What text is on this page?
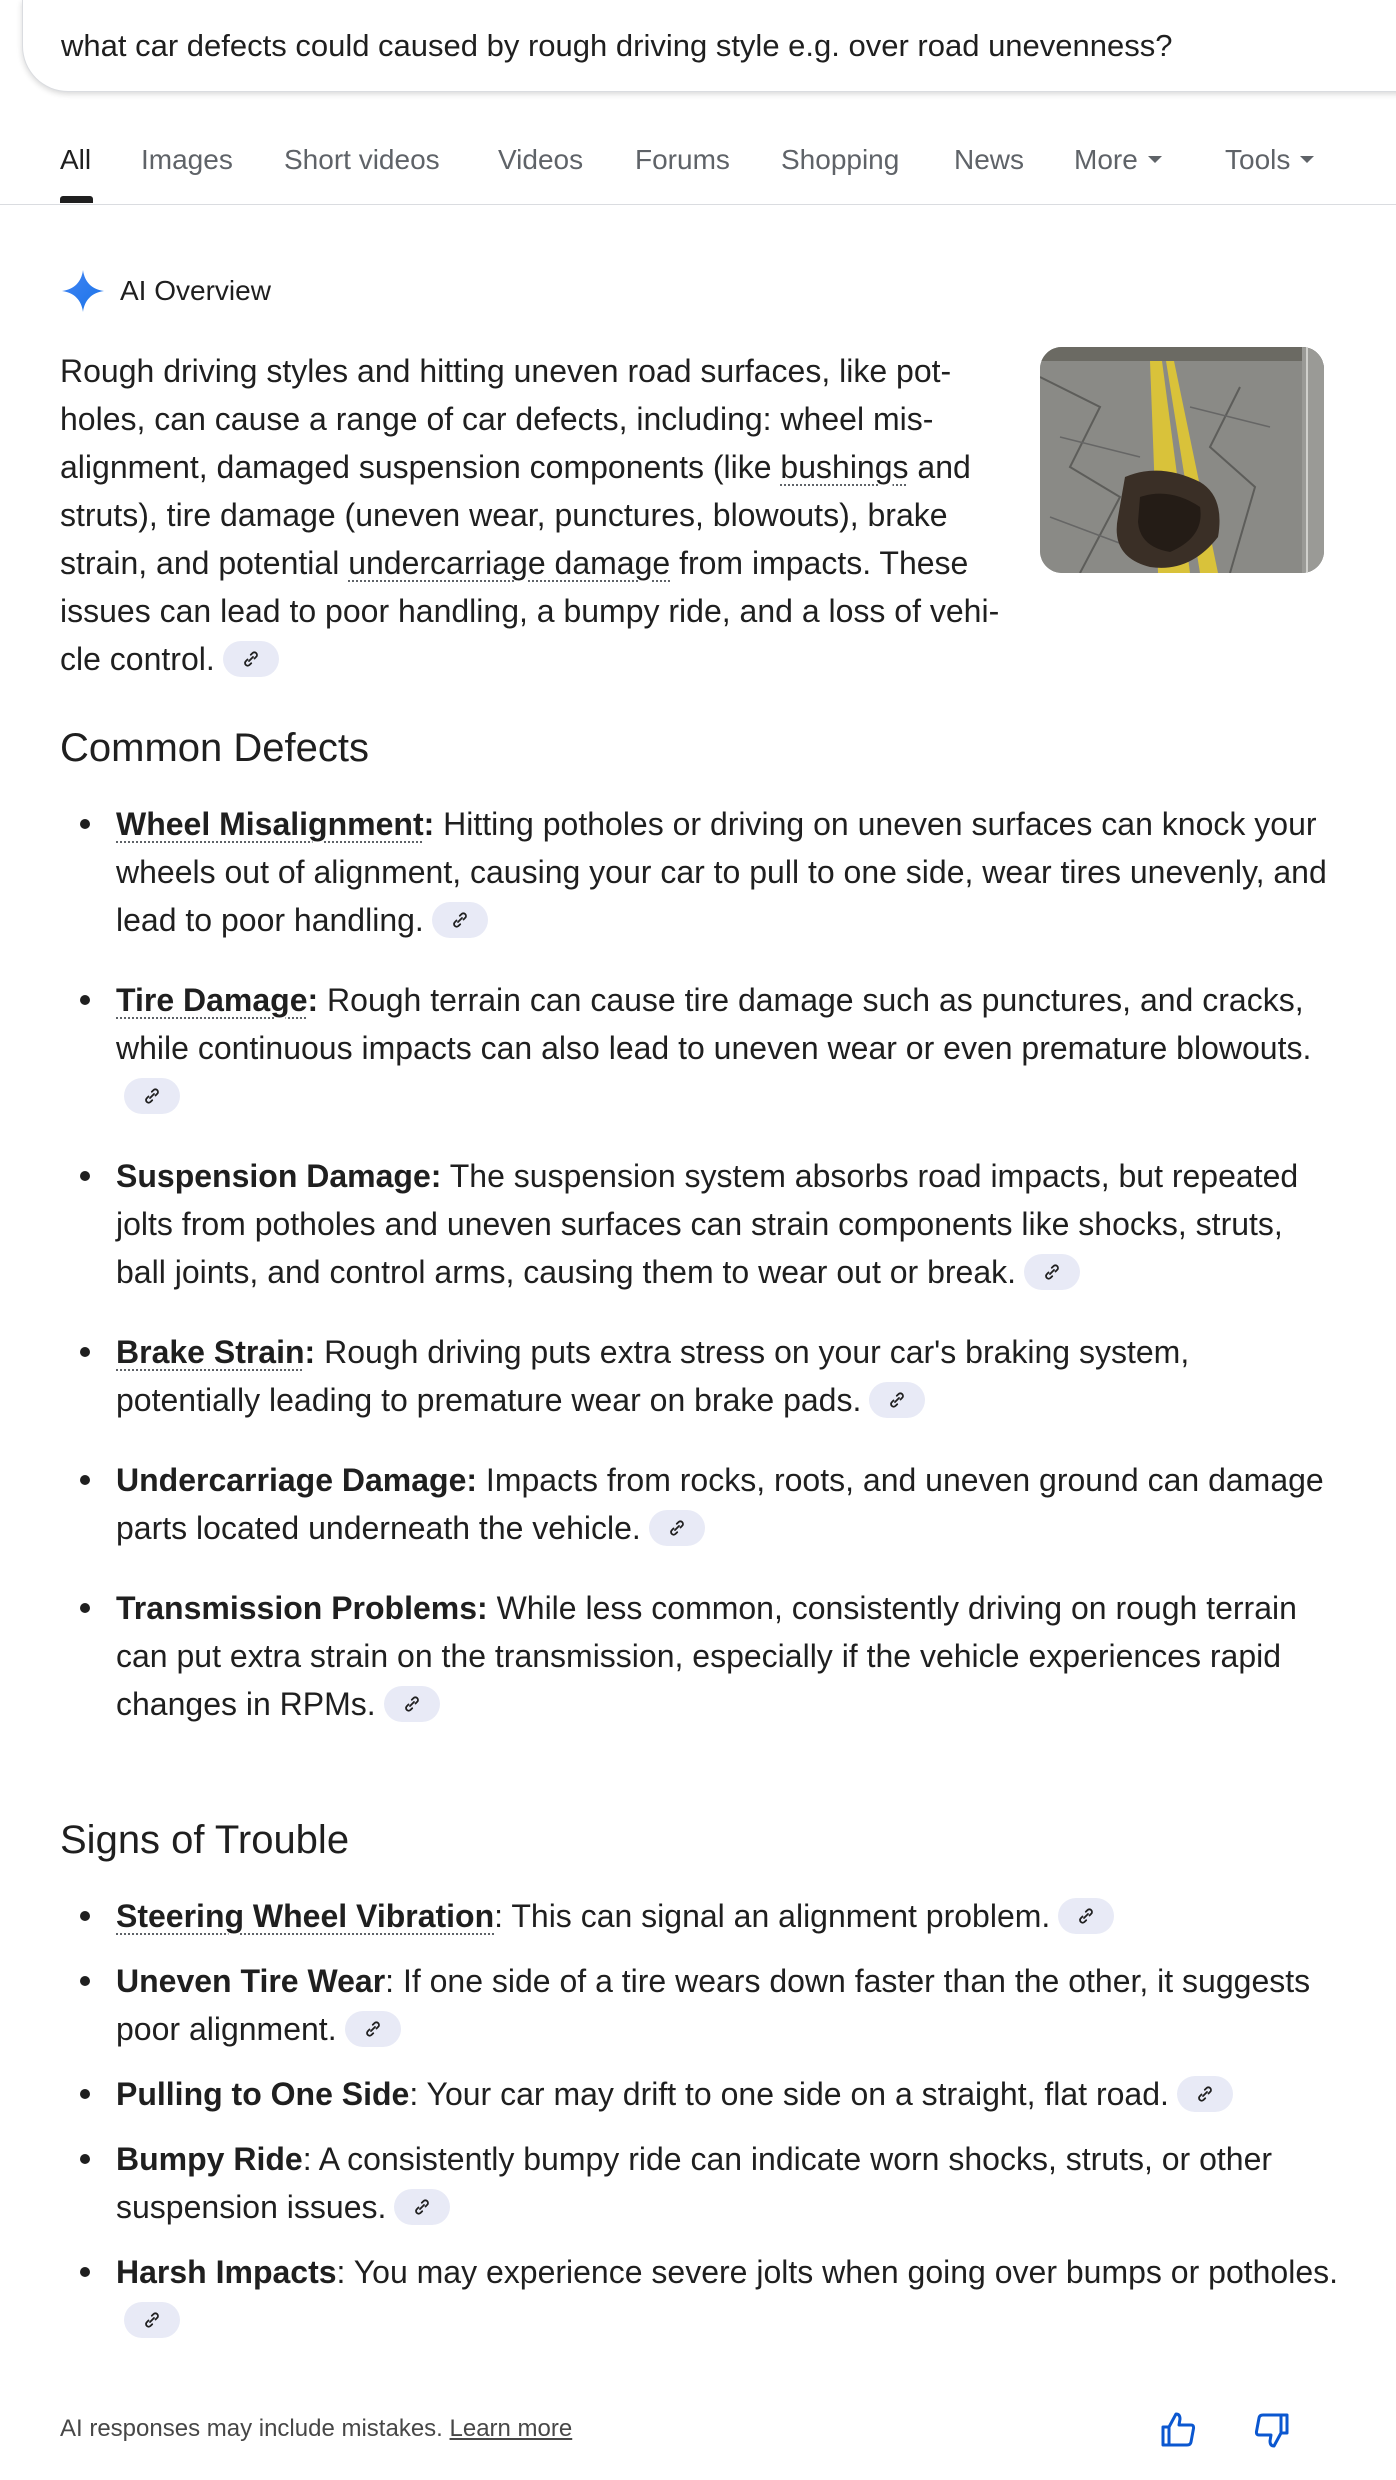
what car defects could caused by rough driving style e.g. over road unevenness?
All Images Short videos Videos Forums Shopping News More	Tools
AI Overview
Rough driving styles and hitting uneven road surfaces, like pot-
holes, can cause a range of car defects, including: wheel mis-
alignment, damaged suspension components (like bushings and
struts), tire damage (uneven wear, punctures, blowouts), brake
strain, and potential undercarriage damage from impacts. These
issues can lead to poor handling, a bumpy ride, and a loss of vehi-
cle control.
Common Defects
Wheel Misalignment: Hitting potholes or driving on uneven surfaces can knock your wheels out of alignment, causing your car to pull to one side, wear tires unevenly, and lead to poor handling.
Tire Damage: Rough terrain can cause tire damage such as punctures, and cracks, while continuous impacts can also lead to uneven wear or even premature blowouts.
Suspension Damage: The suspension system absorbs road impacts, but repeated jolts from potholes and uneven surfaces can strain components like shocks, struts, ball joints, and control arms, causing them to wear out or break.
Brake Strain: Rough driving puts extra stress on your car's braking system, potentially leading to premature wear on brake pads.
Undercarriage Damage: Impacts from rocks, roots, and uneven ground can damage parts located underneath the vehicle.
Transmission Problems: While less common, consistently driving on rough terrain can put extra strain on the transmission, especially if the vehicle experiences rapid changes in RPMs.
Signs of Trouble
Steering Wheel Vibration: This can signal an alignment problem.
Uneven Tire Wear: If one side of a tire wears down faster than the other, it suggests poor alignment.
Pulling to One Side: Your car may drift to one side on a straight, flat road.
Bumpy Ride: A consistently bumpy ride can indicate worn shocks, struts, or other suspension issues.
Harsh Impacts: You may experience severe jolts when going over bumps or potholes.
AI responses may include mistakes. Learn more
